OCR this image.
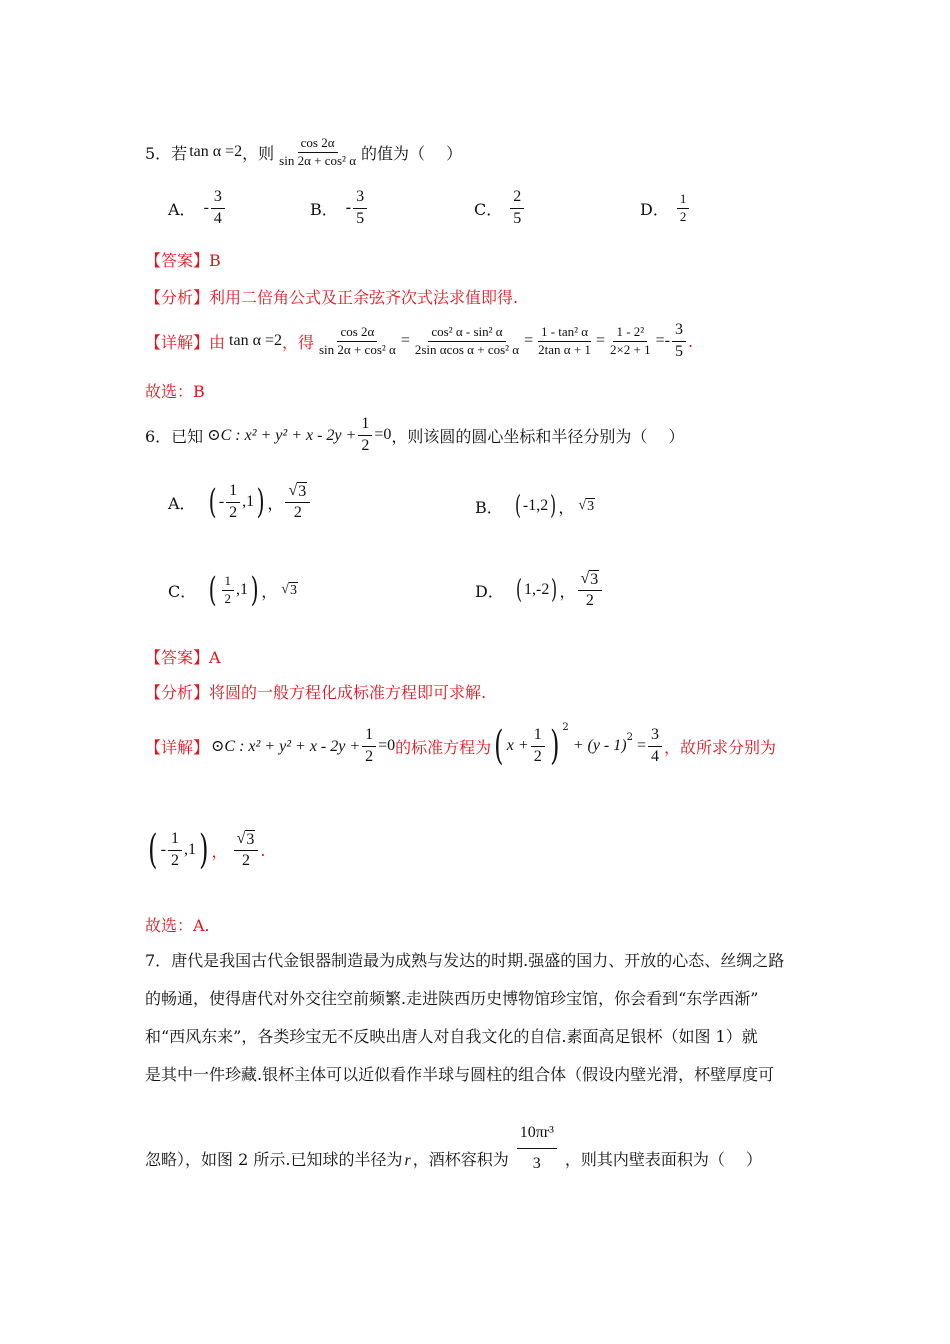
5．若 tan α =2 ，则 $\frac{\cos 2\alpha}{\text{sin 2α + cos² α}}$ 的值为（　 ）
A． - $\frac{3}{4}$	B． - $\frac{3}{5}$	C． $\frac{2}{5}$	D． $\frac{1}{2}$
【答案】B
【分析】利用二倍角公式及正余弦齐次式法求值即得.
【详解】由 tan α =2 ，得 $\frac{\cos 2\alpha}{\text{sin 2α + cos² α}} = \frac{\text{cos² α - sin² α}}{\text{2sin αcos α + cos² α}} = \frac{\text{1 - tan² α}}{\text{2tan α + 1}} = \frac{\text{1 - 2²}}{2\times 2 + 1} =- \frac{3}{5}$ .
故选：B
6．已知 ⊙C : $x^2 + y^2 + x - 2y + \frac{1}{2} =0$ ，则该圆的圆心坐标和半径分别为（　 ）
A． ( - $\frac{1}{2}$ , 1 ) ， $\frac{√ 3}{2}$	B． ( -1,2 ) ， √ 3
C． ( $\frac{1}{2}$ , 1 ) ， √ 3	D． ( 1,-2 ) ， $\frac{√ 3}{2}$
【答案】A
【分析】将圆的一般方程化成标准方程即可求解.
【详解】 ⊙C : $x^2 + y^2 + x - 2y + \frac{1}{2} =0$ 的标准方程为 ( $x + \frac{1}{2}$ ) $^2$
+ $(y - 1)^2 = \frac{3}{4}$ ，故所求分别为
( - $\frac{1}{2}$ , 1 ) ， $\frac{√ 3}{2}$ .
故选：A.
7．唐代是我国古代金银器制造最为成熟与发达的时期.强盛的国力、开放的心态、丝绸之路
的畅通，使得唐代对外交往空前频繁.走进陕西历史博物馆珍宝馆，你会看到“东学西渐”
和“西风东来”，各类珍宝无不反映出唐人对自我文化的自信.素面高足银杯（如图 1）就
是其中一件珍藏.银杯主体可以近似看作半球与圆柱的组合体（假设内壁光滑，杯壁厚度可
忽略），如图 2 所示.已知球的半径为 r ，酒杯容积为 $\frac{\text{10πr³}}{3}$ ，则其内壁表面积为（　 ）
